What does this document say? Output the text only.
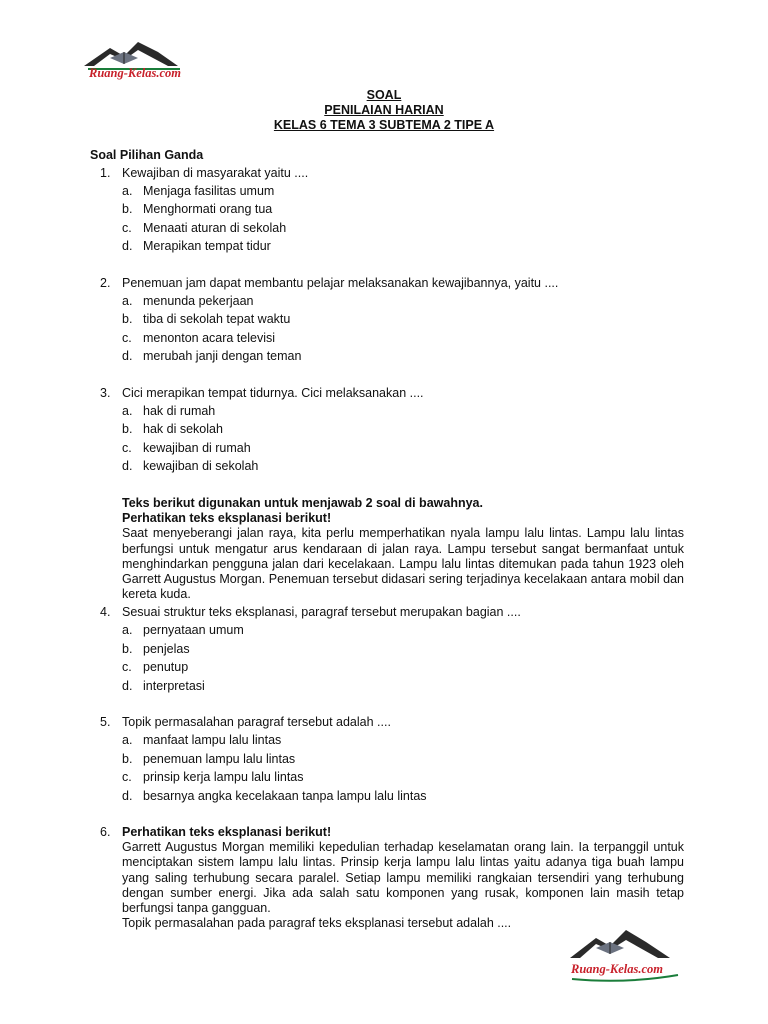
Ruang-Kelas.com
SOAL
PENILAIAN HARIAN
KELAS 6 TEMA 3 SUBTEMA 2 TIPE A
Soal Pilihan Ganda
1. Kewajiban di masyarakat yaitu ....
a. Menjaga fasilitas umum
b. Menghormati orang tua
c. Menaati aturan di sekolah
d. Merapikan tempat tidur
2. Penemuan jam dapat membantu pelajar melaksanakan kewajibannya, yaitu ....
a. menunda pekerjaan
b. tiba di sekolah tepat waktu
c. menonton acara televisi
d. merubah janji dengan teman
3. Cici merapikan tempat tidurnya. Cici melaksanakan ....
a. hak di rumah
b. hak di sekolah
c. kewajiban di rumah
d. kewajiban di sekolah
Teks berikut digunakan untuk menjawab 2 soal di bawahnya.
Perhatikan teks eksplanasi berikut!
Saat menyeberangi jalan raya, kita perlu memperhatikan nyala lampu lalu lintas. Lampu lalu lintas berfungsi untuk mengatur arus kendaraan di jalan raya. Lampu tersebut sangat bermanfaat untuk menghindarkan pengguna jalan dari kecelakaan. Lampu lalu lintas ditemukan pada tahun 1923 oleh Garrett Augustus Morgan. Penemuan tersebut didasari sering terjadinya kecelakaan antara mobil dan kereta kuda.
4. Sesuai struktur teks eksplanasi, paragraf tersebut merupakan bagian ....
a. pernyataan umum
b. penjelas
c. penutup
d. interpretasi
5. Topik permasalahan paragraf tersebut adalah ....
a. manfaat lampu lalu lintas
b. penemuan lampu lalu lintas
c. prinsip kerja lampu lalu lintas
d. besarnya angka kecelakaan tanpa lampu lalu lintas
6. Perhatikan teks eksplanasi berikut!
Garrett Augustus Morgan memiliki kepedulian terhadap keselamatan orang lain. Ia terpanggil untuk menciptakan sistem lampu lalu lintas. Prinsip kerja lampu lalu lintas yaitu adanya tiga buah lampu yang saling terhubung secara paralel. Setiap lampu memiliki rangkaian tersendiri yang terhubung dengan sumber energi. Jika ada salah satu komponen yang rusak, komponen lain masih tetap berfungsi tanpa gangguan.
Topik permasalahan pada paragraf teks eksplanasi tersebut adalah ....
Ruang-Kelas.com
